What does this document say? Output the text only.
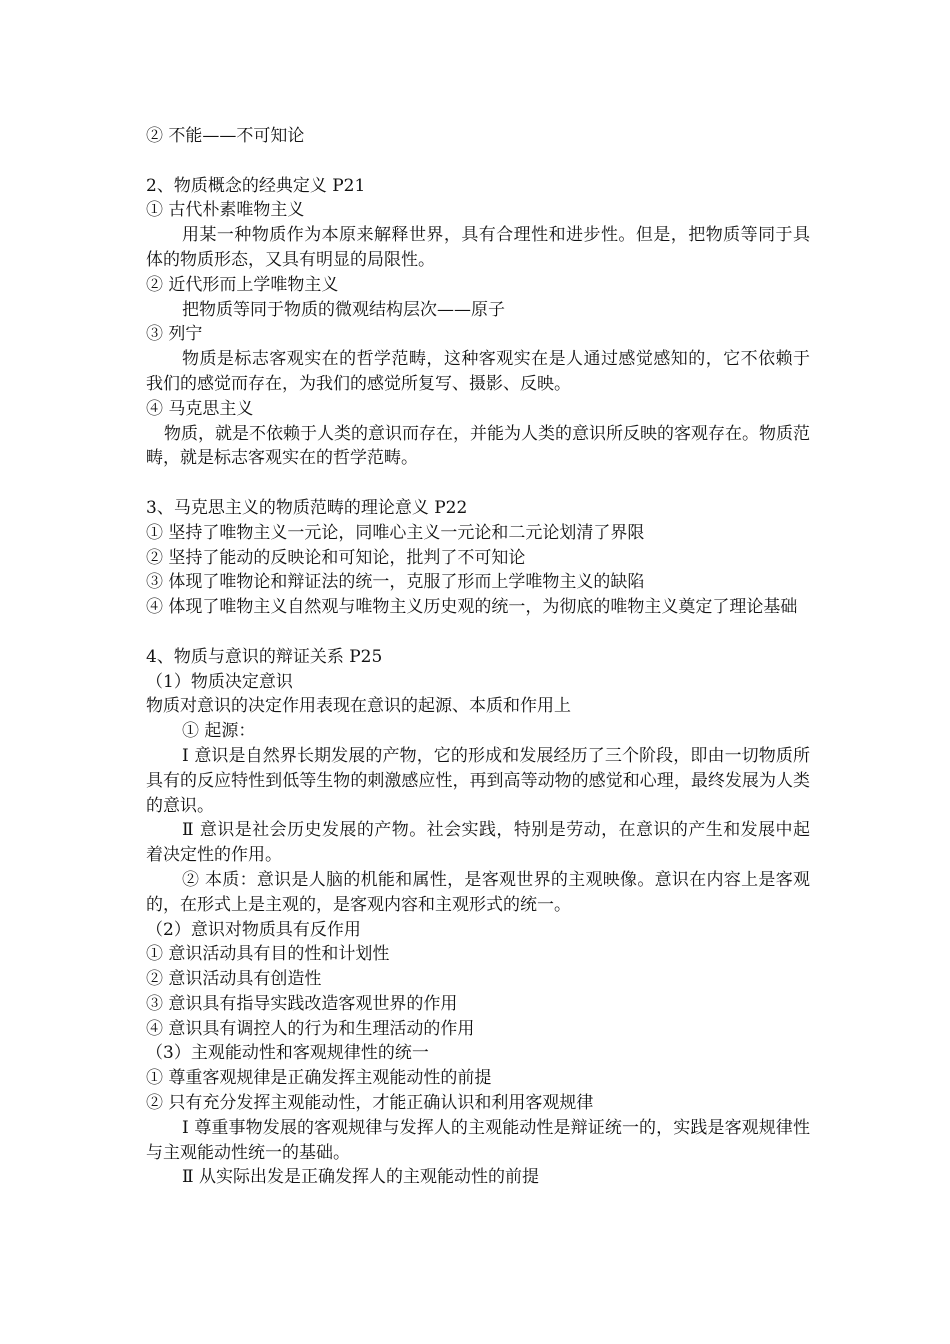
② 不能——不可知论

2、物质概念的经典定义 P21

① 古代朴素唯物主义

用某一种物质作为本原来解释世界，具有合理性和进步性。但是，把物质等同于具体的物质形态，又具有明显的局限性。

② 近代形而上学唯物主义

把物质等同于物质的微观结构层次——原子

③ 列宁

物质是标志客观实在的哲学范畴，这种客观实在是人通过感觉感知的，它不依赖于我们的感觉而存在，为我们的感觉所复写、摄影、反映。

④ 马克思主义

物质，就是不依赖于人类的意识而存在，并能为人类的意识所反映的客观存在。物质范畴，就是标志客观实在的哲学范畴。

3、马克思主义的物质范畴的理论意义 P22

① 坚持了唯物主义一元论，同唯心主义一元论和二元论划清了界限

② 坚持了能动的反映论和可知论，批判了不可知论

③ 体现了唯物论和辩证法的统一，克服了形而上学唯物主义的缺陷

④ 体现了唯物主义自然观与唯物主义历史观的统一，为彻底的唯物主义奠定了理论基础

4、物质与意识的辩证关系 P25

（1）物质决定意识

物质对意识的决定作用表现在意识的起源、本质和作用上

① 起源：

Ⅰ 意识是自然界长期发展的产物，它的形成和发展经历了三个阶段，即由一切物质所具有的反应特性到低等生物的刺激感应性，再到高等动物的感觉和心理，最终发展为人类的意识。

Ⅱ 意识是社会历史发展的产物。社会实践，特别是劳动，在意识的产生和发展中起着决定性的作用。

② 本质：意识是人脑的机能和属性，是客观世界的主观映像。意识在内容上是客观的，在形式上是主观的，是客观内容和主观形式的统一。

（2）意识对物质具有反作用

① 意识活动具有目的性和计划性

② 意识活动具有创造性

③ 意识具有指导实践改造客观世界的作用

④ 意识具有调控人的行为和生理活动的作用

（3）主观能动性和客观规律性的统一

① 尊重客观规律是正确发挥主观能动性的前提

② 只有充分发挥主观能动性，才能正确认识和利用客观规律

Ⅰ 尊重事物发展的客观规律与发挥人的主观能动性是辩证统一的，实践是客观规律性与主观能动性统一的基础。

Ⅱ 从实际出发是正确发挥人的主观能动性的前提
